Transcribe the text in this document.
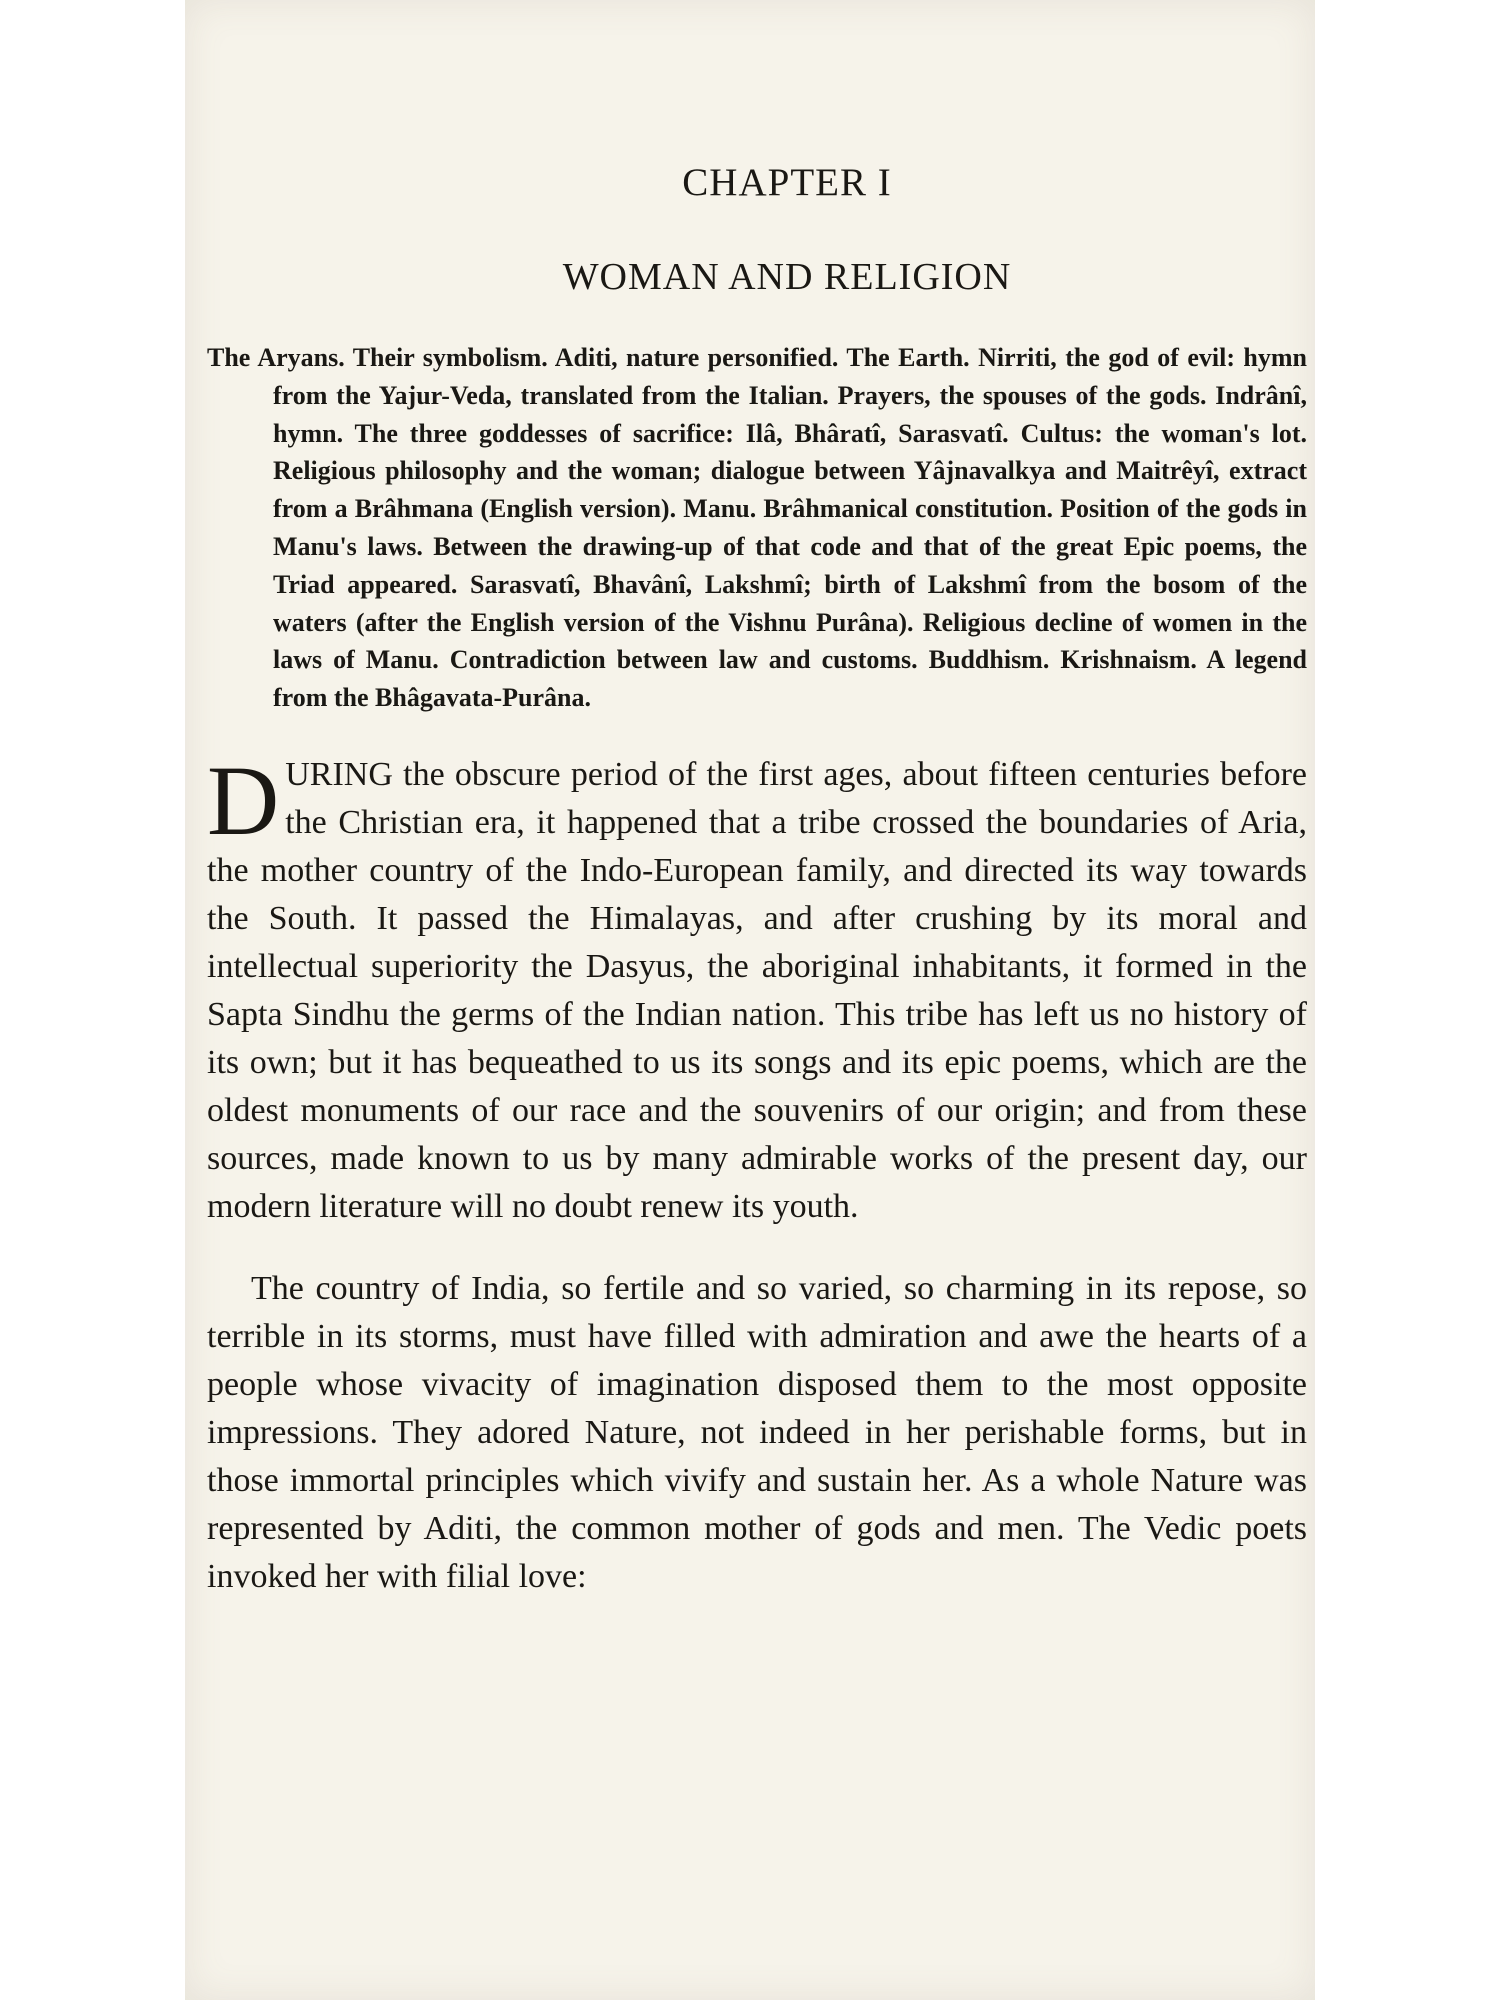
CHAPTER I
WOMAN AND RELIGION

The Aryans. Their symbolism. Aditi, nature personified. The Earth. Nirriti, the god of evil: hymn from the Yajur-Veda, translated from the Italian. Prayers, the spouses of the gods. Indrânî, hymn. The three goddesses of sacrifice: Ilâ, Bhâratî, Sarasvatî. Cultus: the woman's lot. Religious philosophy and the woman; dialogue between Yâjnavalkya and Maitrêyî, extract from a Brâhmana (English version). Manu. Brâhmanical constitution. Position of the gods in Manu's laws. Between the drawing-up of that code and that of the great Epic poems, the Triad appeared. Sarasvatî, Bhavânî, Lakshmî; birth of Lakshmî from the bosom of the waters (after the English version of the Vishnu Purâna). Religious decline of women in the laws of Manu. Contradiction between law and customs. Buddhism. Krishnaism. A legend from the Bhâgavata-Purâna.

DURING the obscure period of the first ages, about fifteen centuries before the Christian era, it happened that a tribe crossed the boundaries of Aria, the mother country of the Indo-European family, and directed its way towards the South. It passed the Himalayas, and after crushing by its moral and intellectual superiority the Dasyus, the aboriginal inhabitants, it formed in the Sapta Sindhu the germs of the Indian nation. This tribe has left us no history of its own; but it has bequeathed to us its songs and its epic poems, which are the oldest monuments of our race and the souvenirs of our origin; and from these sources, made known to us by many admirable works of the present day, our modern literature will no doubt renew its youth.

The country of India, so fertile and so varied, so charming in its repose, so terrible in its storms, must have filled with admiration and awe the hearts of a people whose vivacity of imagination disposed them to the most opposite impressions. They adored Nature, not indeed in her perishable forms, but in those immortal principles which vivify and sustain her. As a whole Nature was represented by Aditi, the common mother of gods and men. The Vedic poets invoked her with filial love:
